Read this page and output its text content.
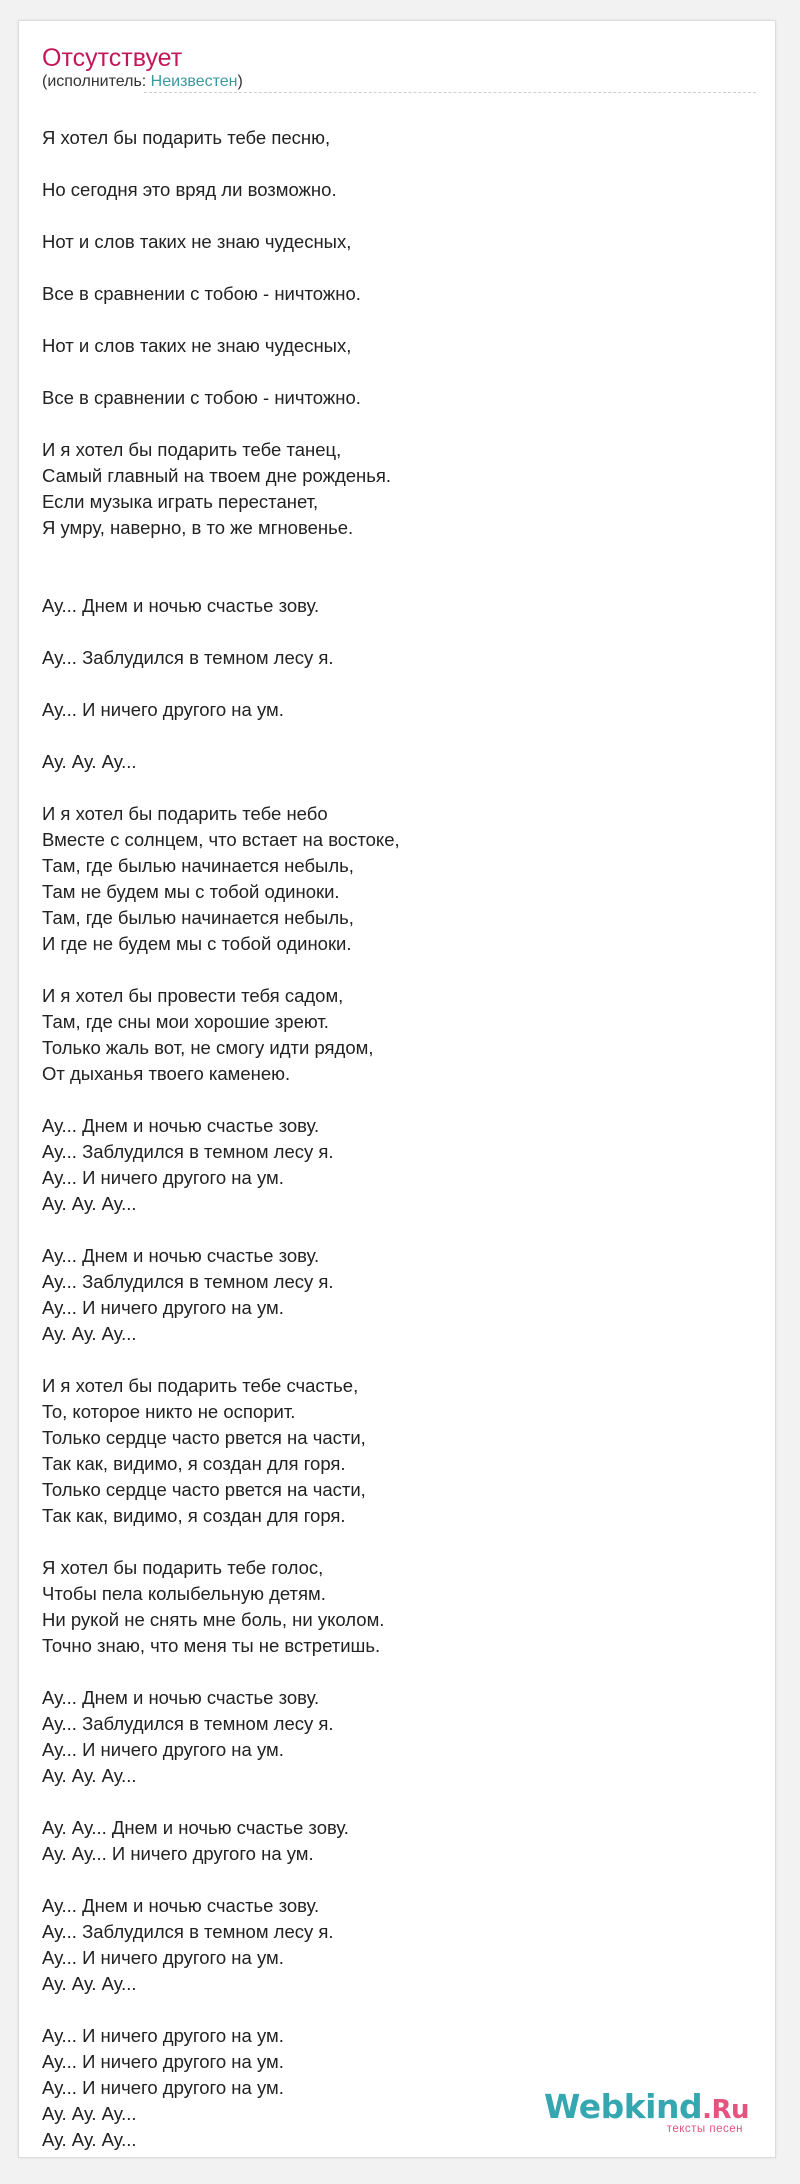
Отсутствует
(исполнитель: Неизвестен)
Я хотел бы подарить тебе песню,
Но сегодня это вряд ли возможно.
Нот и слов таких не знаю чудесных,
Все в сравнении с тобою - ничтожно.
Нот и слов таких не знаю чудесных,
Все в сравнении с тобою - ничтожно.
И я хотел бы подарить тебе танец,
Самый главный на твоем дне рожденья.
Если музыка играть перестанет,
Я умру, наверно, в то же мгновенье.
Ау... Днем и ночью счастье зову.
Ау... Заблудился в темном лесу я.
Ау... И ничего другого на ум.
Ау. Ау. Ау...
И я хотел бы подарить тебе небо
Вместе с солнцем, что встает на востоке,
Там, где былью начинается небыль,
Там не будем мы с тобой одиноки.
Там, где былью начинается небыль,
И где не будем мы с тобой одиноки.
И я хотел бы провести тебя садом,
Там, где сны мои хорошие зреют.
Только жаль вот, не смогу идти рядом,
От дыханья твоего каменею.
Ау... Днем и ночью счастье зову.
Ау... Заблудился в темном лесу я.
Ау... И ничего другого на ум.
Ау. Ау. Ау...
Ау... Днем и ночью счастье зову.
Ау... Заблудился в темном лесу я.
Ау... И ничего другого на ум.
Ау. Ау. Ау...
И я хотел бы подарить тебе счастье,
То, которое никто не оспорит.
Только сердце часто рвется на части,
Так как, видимо, я создан для горя.
Только сердце часто рвется на части,
Так как, видимо, я создан для горя.
Я хотел бы подарить тебе голос,
Чтобы пела колыбельную детям.
Ни рукой не снять мне боль, ни уколом.
Точно знаю, что меня ты не встретишь.
Ау... Днем и ночью счастье зову.
Ау... Заблудился в темном лесу я.
Ау... И ничего другого на ум.
Ау. Ау. Ау...
Ау. Ау... Днем и ночью счастье зову.
Ау. Ау... И ничего другого на ум.
Ау... Днем и ночью счастье зову.
Ау... Заблудился в темном лесу я.
Ау... И ничего другого на ум.
Ау. Ау. Ау...
Ау... И ничего другого на ум.
Ау... И ничего другого на ум.
Ау... И ничего другого на ум.
Ау. Ау. Ау...
Ау. Ау. Ау...
Webkind.Ru
тексты песен
